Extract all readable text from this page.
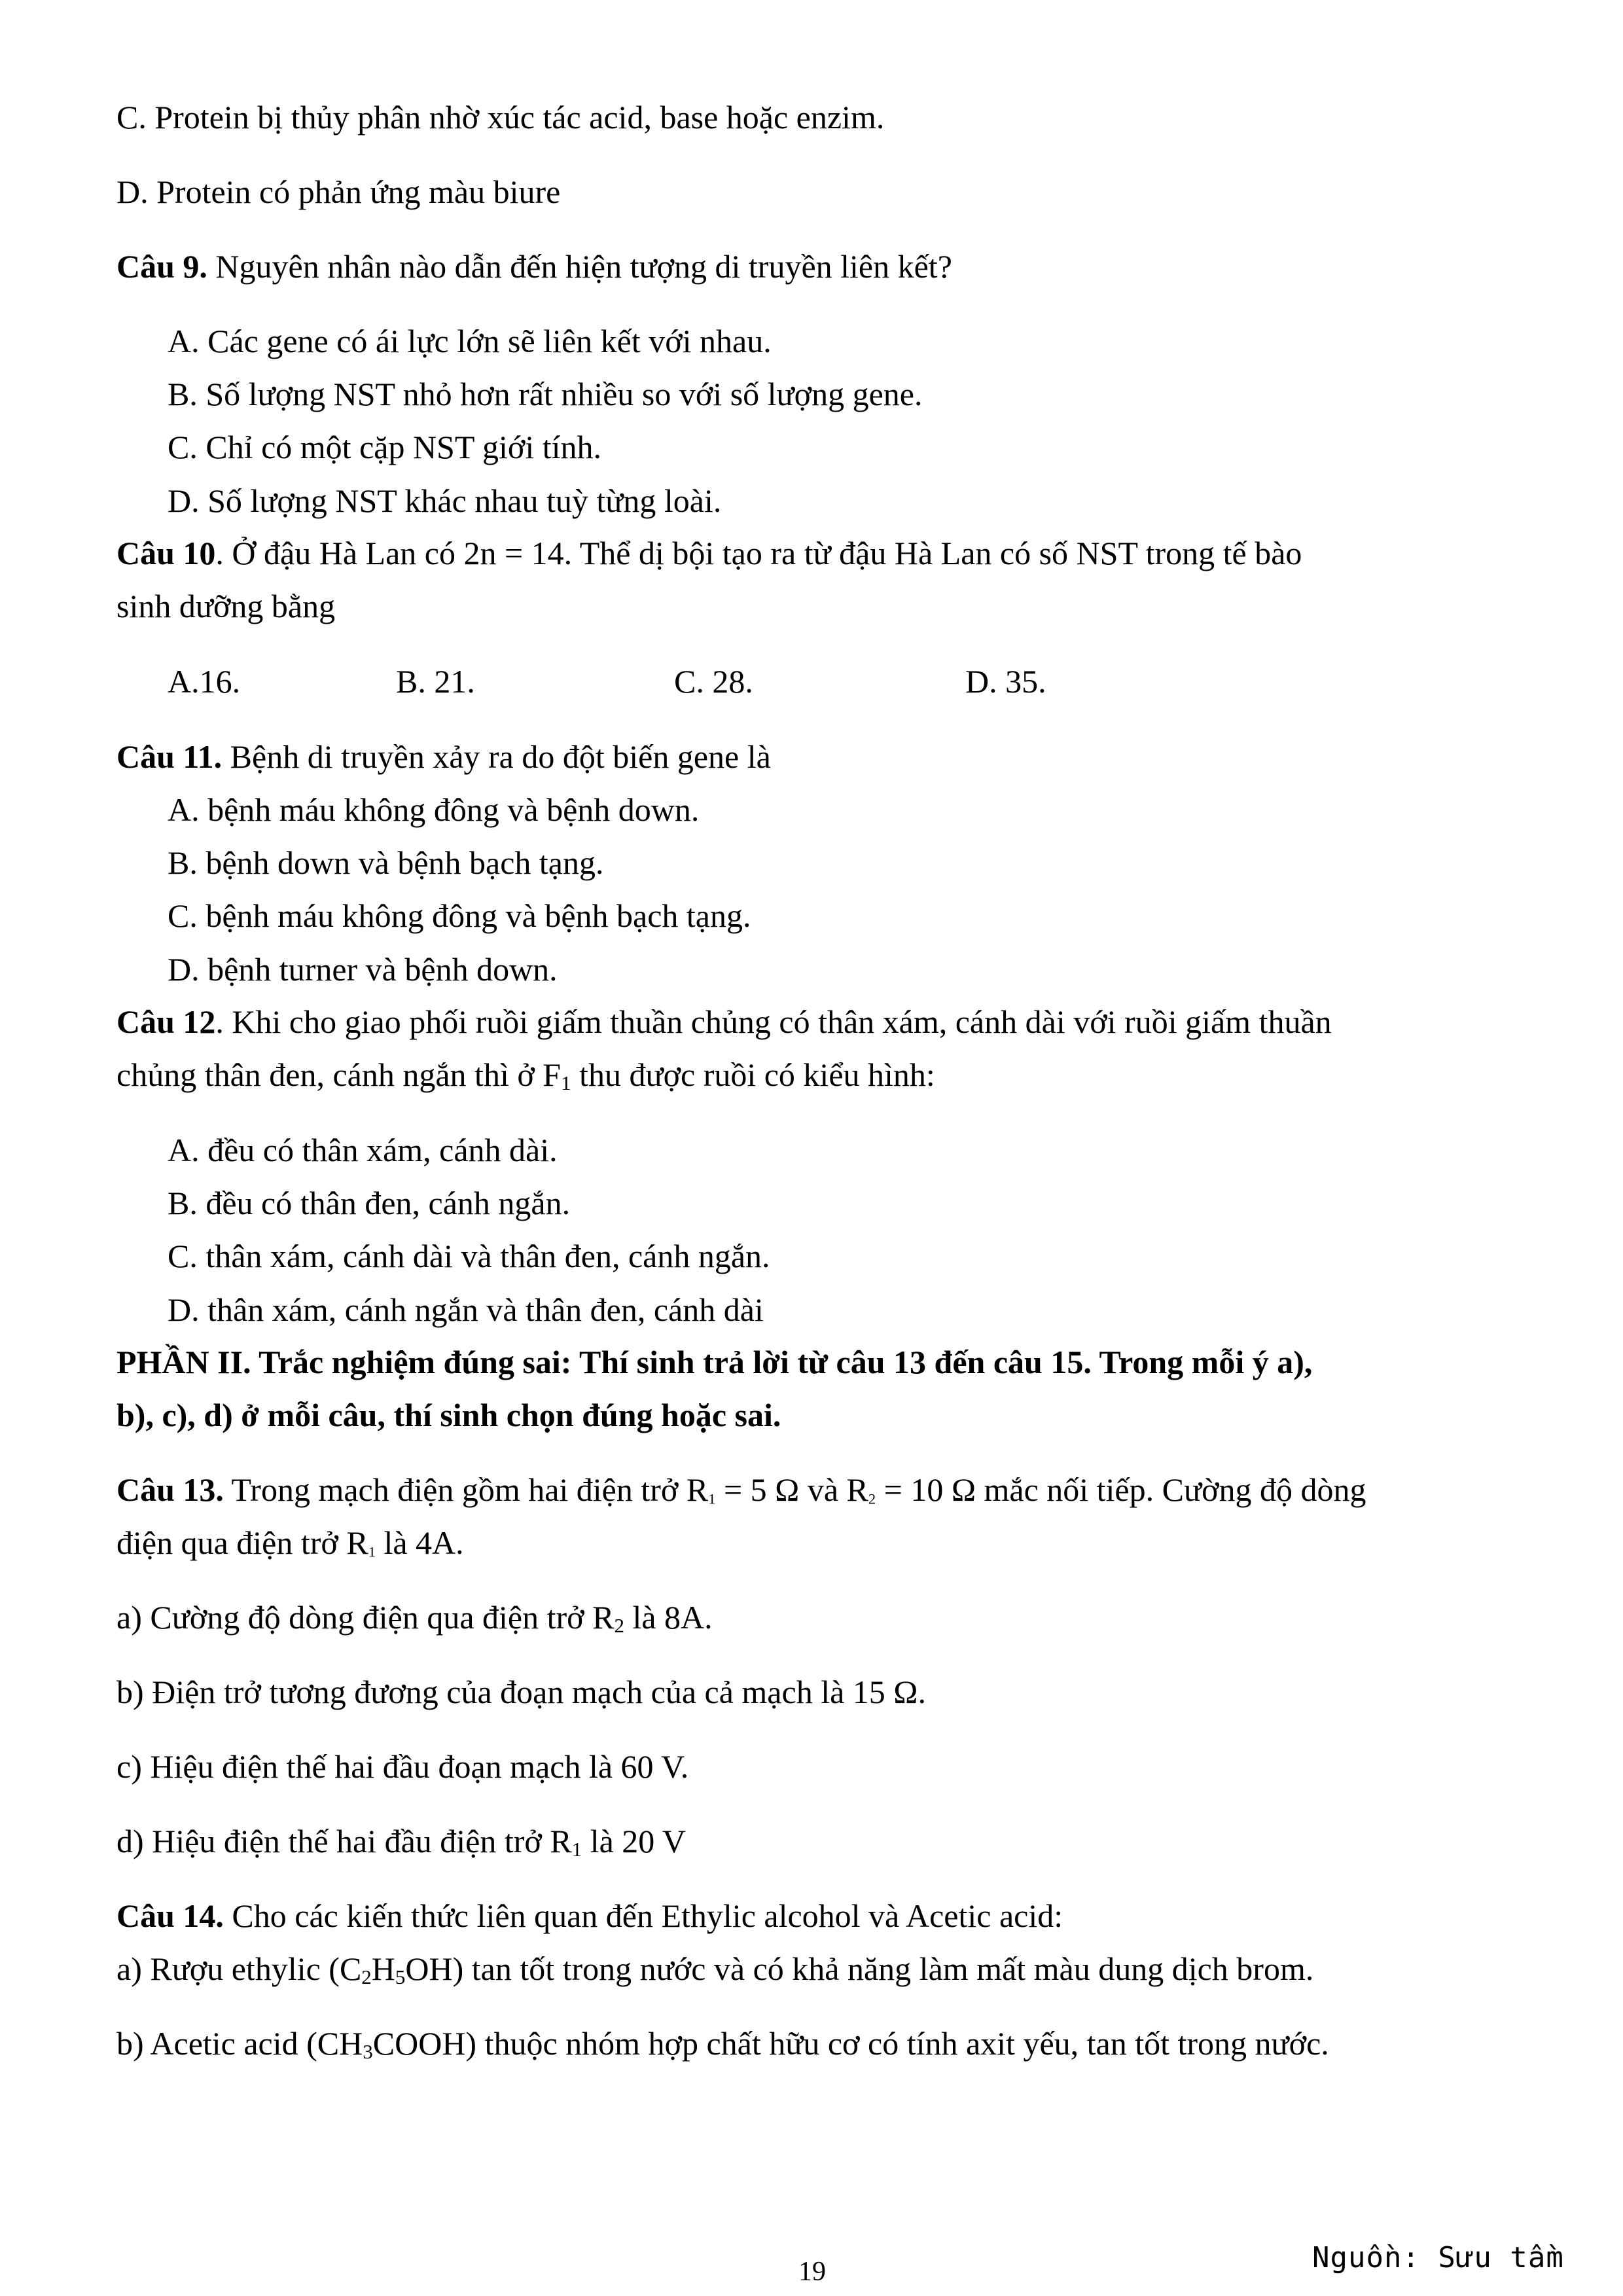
C. Protein bị thủy phân nhờ xúc tác acid, base hoặc enzim.
D. Protein có phản ứng màu biure
Câu 9. Nguyên nhân nào dẫn đến hiện tượng di truyền liên kết?
A. Các gene có ái lực lớn sẽ liên kết với nhau.
B. Số lượng NST nhỏ hơn rất nhiều so với số lượng gene.
C. Chỉ có một cặp NST giới tính.
D. Số lượng NST khác nhau tuỳ từng loài.
Câu 10. Ở đậu Hà Lan có 2n = 14. Thể dị bội tạo ra từ đậu Hà Lan có số NST trong tế bào
sinh dưỡng bằng
A.16.	B. 21.	C. 28.	D. 35.
Câu 11. Bệnh di truyền xảy ra do đột biến gene là
A. bệnh máu không đông và bệnh down.
B. bệnh down và bệnh bạch tạng.
C. bệnh máu không đông và bệnh bạch tạng.
D. bệnh turner và bệnh down.
Câu 12. Khi cho giao phối ruồi giấm thuần chủng có thân xám, cánh dài với ruồi giấm thuần
chủng thân đen, cánh ngắn thì ở $F_1$ thu được ruồi có kiểu hình:
A. đều có thân xám, cánh dài.
B. đều có thân đen, cánh ngắn.
C. thân xám, cánh dài và thân đen, cánh ngắn.
D. thân xám, cánh ngắn và thân đen, cánh dài
PHẦN II. Trắc nghiệm đúng sai: Thí sinh trả lời từ câu 13 đến câu 15. Trong mỗi ý a),
b), c), d) ở mỗi câu, thí sinh chọn đúng hoặc sai.
Câu 13. Trong mạch điện gồm hai điện trở $R_1 = 5$ Ω và $R_2 = 10$ Ω mắc nối tiếp. Cường độ dòng
điện qua điện trở $R_1$ là 4A.
a) Cường độ dòng điện qua điện trở $R_2$ là 8A.
b) Điện trở tương đương của đoạn mạch của cả mạch là 15 Ω.
c) Hiệu điện thế hai đầu đoạn mạch là 60 V.
d) Hiệu điện thế hai đầu điện trở $R_1$ là 20 V
Câu 14. Cho các kiến thức liên quan đến Ethylic alcohol và Acetic acid:
a) Rượu ethylic $(C_2H_5OH)$ tan tốt trong nước và có khả năng làm mất màu dung dịch brom.
b) Acetic acid $(CH_3COOH)$ thuộc nhóm hợp chất hữu cơ có tính axit yếu, tan tốt trong nước.
Nguồn: Sưu tầm
19
